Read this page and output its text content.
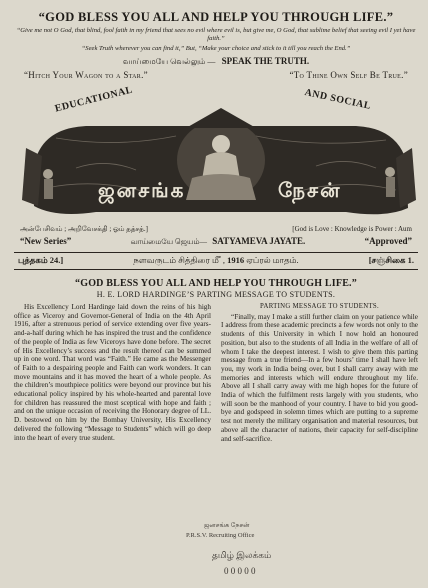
“GOD BLESS YOU ALL AND HELP YOU THROUGH LIFE.”
“Give me not O God, that blind, fool faith in my friend that sees no evil where evil is, but give me, O God, that sublime belief that seeing evil I yet have faith.”
“Seek Truth wherever you can find it,” But, “Make your choice and stick to it till you reach the End.”
வாய்மையே வெல்லும் — SPEAK THE TRUTH.
“Hitch Your Wagon to a Star.”	“To Thine Own Self Be True.”
EDUCATIONAL	AND SOCIAL
ஜனசங்க	நேசன்
அன்பேசிவம் ; அறிவேசக்தி ; ஓம் தத்சத்.]	[God is Love : Knowledge is Power : Aum
“New Series”	வாய்மையே ஜெயம்— SATYAMEVA JAYATE.	“Approved”
புத்தகம் 24.]	நளவருடம் சித்திரை ௴ , 1916 ஏப்ரல் மாதம்.	[சஞ்சிகை 1.
“GOD BLESS YOU ALL AND HELP YOU THROUGH LIFE.”
H. E. LORD HARDINGE’S PARTING MESSAGE TO STUDENTS.

His Excellency Lord Hardinge laid down the reins of his high office as Viceroy and Governor-General of India on the 4th April 1916, after a strenuous period of service extending over five years-and-a-half during which he has inspired the trust and the confidence of the people of India as few Viceroys have done before. The secret of His Excellency’s success and the result thereof can be summed up in one word. That word was “Faith.” He came as the Messenger of Faith to a despairing people and Faith can work wonders. It can move mountains and it has moved the heart of a whole people. As the children’s mouthpiece politics were beyond our province but his educational policy inspired by his whole-hearted and parental love for children has reassured the most sceptical with hope and faith ; and on the unique occasion of receiving the Honorary degree of LL. D. bestowed on him by the Bombay University, His Excellency delivered the following “Message to Students” which will go deep into the heart of every true student.

PARTING MESSAGE TO STUDENTS.

“Finally, may I make a still further claim on your patience while I address from these academic precincts a few words not only to the students of this University in which I now hold an honoured position, but also to the students of all India in the welfare of all of whom I take the deepest interest. I wish to give them this parting message from a true friend—In a few hours’ time I shall have left you, my work in India being over, but I shall carry away with me memories and interests which will endure throughout my life. Above all I shall carry away with me high hopes for the future of India of which the fulfilment rests largely with you students, who will soon be the manhood of your country. I have to bid you good-bye and godspeed in solemn times which are putting to a supreme test not merely the military organisation and material resources, but above all the character of nations, their capacity for self-discipline and self-sacrifice.

ஜனசங்க நேசன்
P.R.S.V. Recruiting Office
தமிழ் இலக்கம்
0 0 0 0 0
